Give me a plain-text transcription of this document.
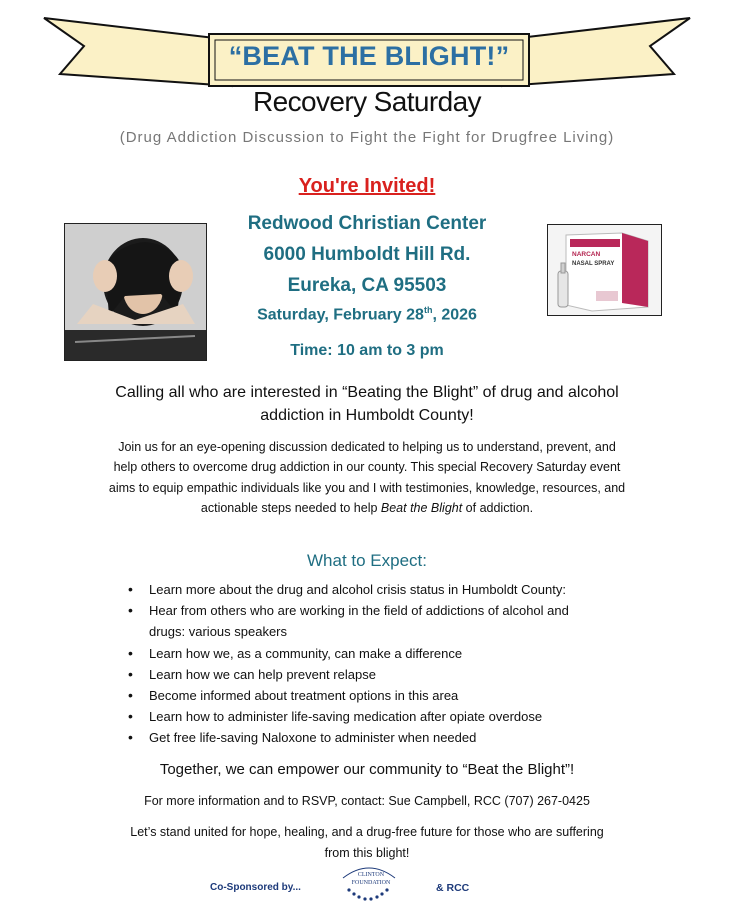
“BEAT THE BLIGHT!”
Recovery Saturday
(Drug Addiction Discussion to Fight the Fight for Drugfree Living)
You're Invited!
Redwood Christian Center
6000 Humboldt Hill Rd.
Eureka, CA 95503
Saturday, February 28th, 2026
Time: 10 am to 3 pm
NARCAN
NASAL SPRAY
Calling all who are interested in “Beating the Blight” of drug and alcohol addiction in Humboldt County!
Join us for an eye-opening discussion dedicated to helping us to understand, prevent, and help others to overcome drug addiction in our county. This special Recovery Saturday event aims to equip empathic individuals like you and I with testimonies, knowledge, resources, and actionable steps needed to help Beat the Blight of addiction.
What to Expect:
• Learn more about the drug and alcohol crisis status in Humboldt County:
• Hear from others who are working in the field of addictions of alcohol and drugs: various speakers
• Learn how we, as a community, can make a difference
• Learn how we can help prevent relapse
• Become informed about treatment options in this area
• Learn how to administer life-saving medication after opiate overdose
• Get free life-saving Naloxone to administer when needed
Together, we can empower our community to “Beat the Blight”!
For more information and to RSVP, contact: Sue Campbell, RCC (707) 267-0425
Let’s stand united for hope, healing, and a drug-free future for those who are suffering from this blight!
Co-Sponsored by...
CLINTON
FOUNDATION	& RCC
